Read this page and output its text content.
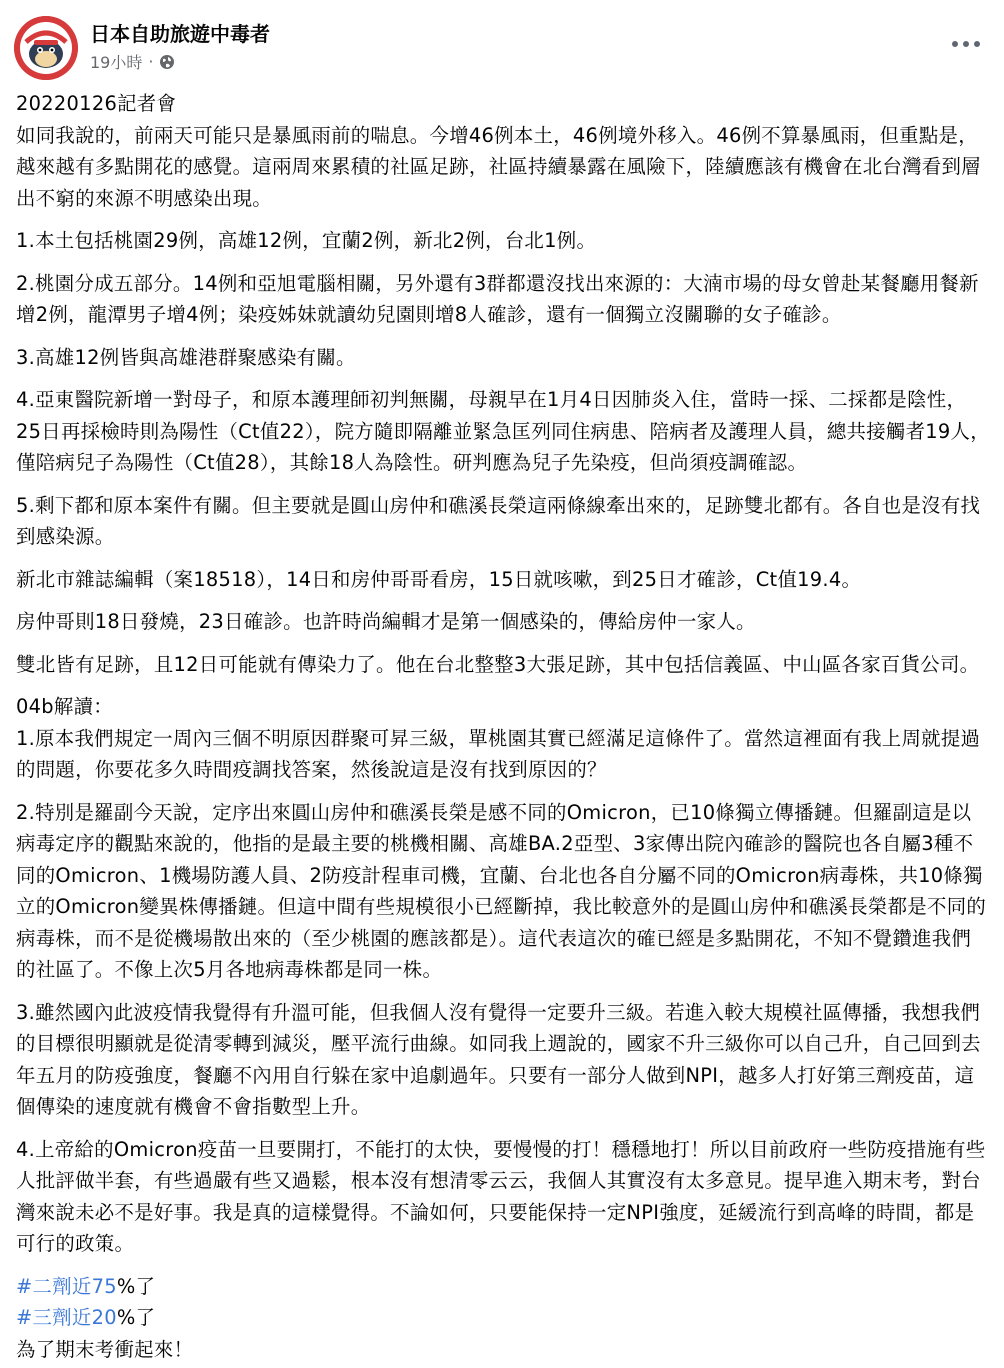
日本自助旅遊中毒者
19小時 ·

20220126記者會

如同我說的，前兩天可能只是暴風雨前的喘息。今增46例本土，46例境外移入。46例不算暴風雨，但重點是，越來越有多點開花的感覺。這兩周來累積的社區足跡，社區持續暴露在風險下，陸續應該有機會在北台灣看到層出不窮的來源不明感染出現。

1.本土包括桃園29例，高雄12例，宜蘭2例，新北2例，台北1例。

2.桃園分成五部分。14例和亞旭電腦相關，另外還有3群都還沒找出來源的：大湳市場的母女曾赴某餐廳用餐新增2例，龍潭男子增4例；染疫姊妹就讀幼兒園則增8人確診，還有一個獨立沒關聯的女子確診。

3.高雄12例皆與高雄港群聚感染有關。

4.亞東醫院新增一對母子，和原本護理師初判無關，母親早在1月4日因肺炎入住，當時一採、二採都是陰性，25日再採檢時則為陽性（Ct值22），院方隨即隔離並緊急匡列同住病患、陪病者及護理人員，總共接觸者19人，僅陪病兒子為陽性（Ct值28），其餘18人為陰性。研判應為兒子先染疫，但尚須疫調確認。

5.剩下都和原本案件有關。但主要就是圓山房仲和礁溪長榮這兩條線牽出來的，足跡雙北都有。各自也是沒有找到感染源。

新北市雜誌編輯（案18518），14日和房仲哥哥看房，15日就咳嗽，到25日才確診，Ct值19.4。

房仲哥則18日發燒，23日確診。也許時尚編輯才是第一個感染的，傳給房仲一家人。

雙北皆有足跡，且12日可能就有傳染力了。他在台北整整3大張足跡，其中包括信義區、中山區各家百貨公司。

04b解讀：

1.原本我們規定一周內三個不明原因群聚可昇三級，單桃園其實已經滿足這條件了。當然這裡面有我上周就提過的問題，你要花多久時間疫調找答案，然後說這是沒有找到原因的？

2.特別是羅副今天說，定序出來圓山房仲和礁溪長榮是感不同的Omicron，已10條獨立傳播鏈。但羅副這是以病毒定序的觀點來說的，他指的是最主要的桃機相關、高雄BA.2亞型、3家傳出院內確診的醫院也各自屬3種不同的Omicron、1機場防護人員、2防疫計程車司機，宜蘭、台北也各自分屬不同的Omicron病毒株，共10條獨立的Omicron變異株傳播鏈。但這中間有些規模很小已經斷掉，我比較意外的是圓山房仲和礁溪長榮都是不同的病毒株，而不是從機場散出來的（至少桃園的應該都是）。這代表這次的確已經是多點開花，不知不覺鑽進我們的社區了。不像上次5月各地病毒株都是同一株。

3.雖然國內此波疫情我覺得有升溫可能，但我個人沒有覺得一定要升三級。若進入較大規模社區傳播，我想我們的目標很明顯就是從清零轉到減災，壓平流行曲線。如同我上週說的，國家不升三級你可以自己升，自己回到去年五月的防疫強度，餐廳不內用自行躲在家中追劇過年。只要有一部分人做到NPI，越多人打好第三劑疫苗，這個傳染的速度就有機會不會指數型上升。

4.上帝給的Omicron疫苗一旦要開打，不能打的太快，要慢慢的打！穩穩地打！所以目前政府一些防疫措施有些人批評做半套，有些過嚴有些又過鬆，根本沒有想清零云云，我個人其實沒有太多意見。提早進入期末考，對台灣來說未必不是好事。我是真的這樣覺得。不論如何，只要能保持一定NPI強度，延緩流行到高峰的時間，都是可行的政策。

#二劑近75%了

#三劑近20%了

為了期末考衝起來！
